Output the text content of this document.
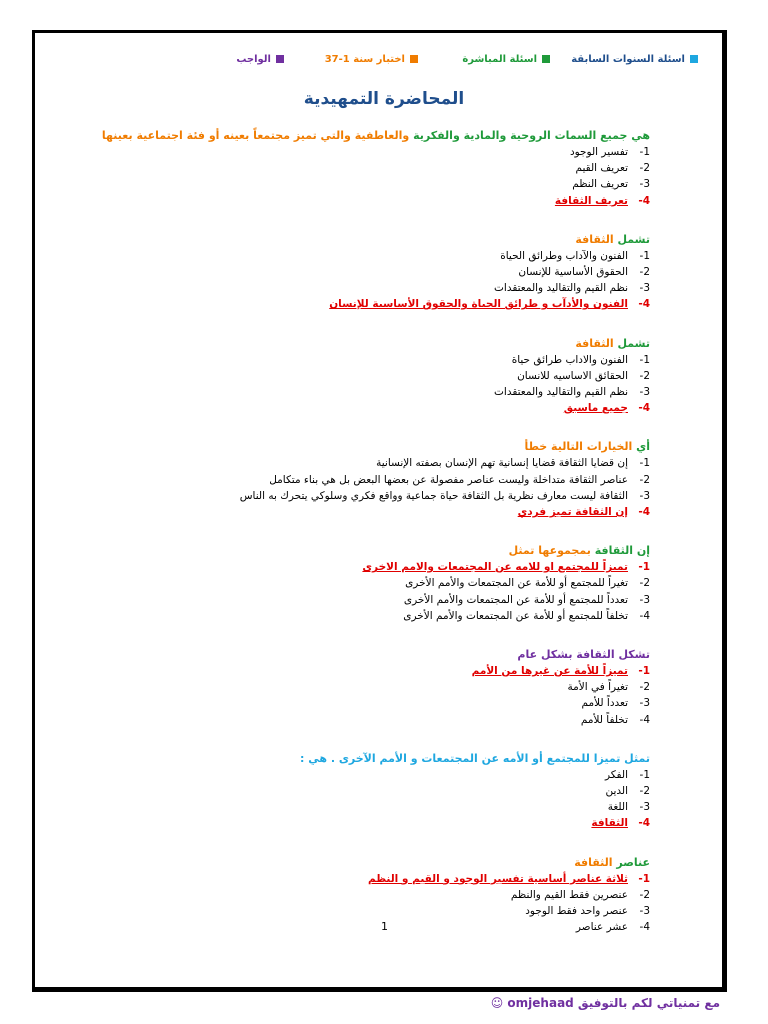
اسئلة السنوات السابقة
اسئلة المباشرة
اختبار سنة 1-37
الواجب
المحاضرة التمهيدية
هي جميع السمات الروحية والمادية والفكرية والعاطفية والتي تميز مجتمعاً بعينه أو فئة اجتماعية بعينها
1-تفسير الوجود
2-تعريف القيم
3-تعريف النظم
4-تعريف الثقافة
تشمل الثقافة
1-الفنون والآداب وطرائق الحياة
2-الحقوق الأساسية للإنسان
3-نظم القيم والتقاليد والمعتقدات
4-الفنون والأدآب و طرائق الحياة والحقوق الأساسية للإنسان
تشمل الثقافة
1-الفنون والاداب طرائق حياة
2-الحقائق الاساسيه للانسان
3-نظم القيم والتقاليد والمعتقدات
4-جميع ماسبق
أي الخيارات التالية خطأ
1-إن قضايا الثقافة قضايا إنسانية تهم الإنسان بصفته الإنسانية
2-عناصر الثقافة متداخلة وليست عناصر مفصولة عن بعضها البعض بل هي بناء متكامل
3-الثقافة ليست معارف نظرية بل الثقافة حياة جماعية وواقع فكري وسلوكي يتحرك به الناس
4-إن الثقافة تميز فردي
إن الثقافة بمجموعها تمثل
1-تميزاً للمجتمع او للامه عن المجتمعات والامم الاخرى
2-تغيراً للمجتمع أو للأمة عن المجتمعات والأمم الأخرى
3-تعدداً للمجتمع أو للأمة عن المجتمعات والأمم الأخرى
4-تخلفاً للمجتمع أو للأمة عن المجتمعات والأمم الأخرى
تشكل الثقافة بشكل عام
1-تميزاً للأمة عن غيرها من الأمم
2-تغيراً في الأمة
3-تعدداً للأمم
4-تخلفاً للأمم
تمثل تميزا للمجتمع أو الأمه عن المجتمعات و الأمم الآخرى . هي :
1-الفكر
2-الدين
3-اللغة
4-الثقافة
عناصر الثقافة
1-ثلاثة عناصر أساسية تفسير الوجود و القيم و النظم
2-عنصرين فقط القيم والنظم
3-عنصر واحد فقط الوجود
4-عشر عناصر
1
مع تمنياتي لكم بالتوفيق omjehaad ☺
